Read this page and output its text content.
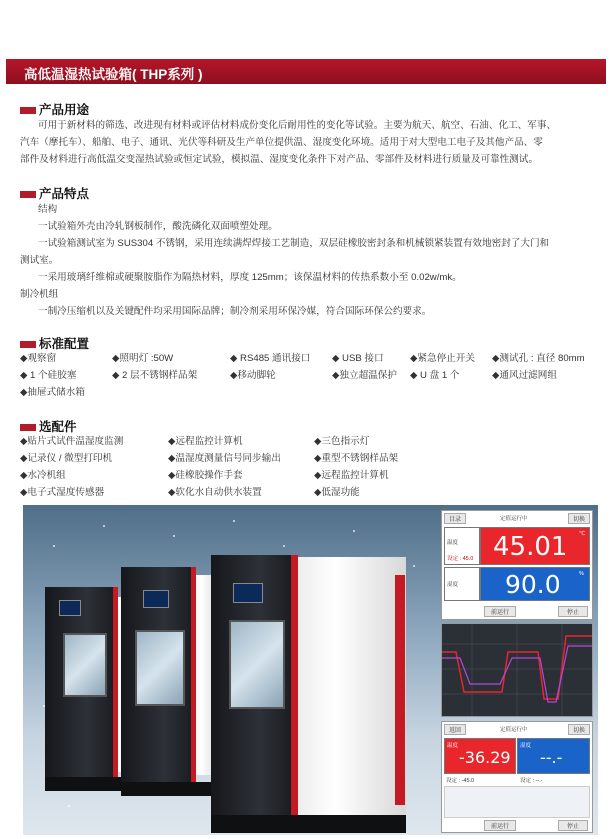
高低温湿热试验箱( THP系列 )
产品用途
可用于新材料的筛选、改进现有材料或评估材料成份变化后耐用性的变化等试验。主要为航天、航空、石油、化工、军事、
汽车（摩托车）、船舶、电子、通讯、光伏等科研及生产单位提供温、湿度变化环境。适用于对大型电工电子及其他产品、零
部件及材料进行高低温交变湿热试验或恒定试验，模拟温、湿度变化条件下对产品、零部件及材料进行质量及可靠性测试。
产品特点
结构
一试验箱外壳由冷轧钢板制作，酸洗磷化双面喷塑处理。
一试验箱测试室为 SUS304 不锈钢，采用连续满焊焊接工艺制造，双层硅橡胶密封条和机械锁紧装置有效地密封了大门和
测试室。
一采用玻璃纤维棉或硬聚胺脂作为隔热材料，厚度 125mm；该保温材料的传热系数小至 0.02w/mk。
制冷机组
一制冷压缩机以及关键配件均采用国际品牌；制冷剂采用环保冷媒，符合国际环保公约要求。
标准配置
◆观察窗	◆照明灯 :50W	◆ RS485 通讯接口 ◆ USB 接口	◆紧急停止开关 ◆测试孔 : 直径 80mm
◆ 1 个硅胶塞	◆ 2 层不锈钢样品架	◆移动脚轮	◆独立超温保护 ◆ U 盘 1 个	◆通风过滤网组
◆抽屉式储水箱
选配件
◆贴片式试件温湿度监测	◆远程监控计算机	◆三色指示灯
◆记录仪 / 微型打印机	◆温湿度测量信号同步输出	◆重型不锈钢样品架
◆水冷机组	◆硅橡胶操作手套	◆远程监控计算机
◆电子式湿度传感器	◆软化水自动供水装置	◆低湿功能
目录	定值运行中	切换
温度
设定 : 45.0 45.01 ℃
湿度 90.0	%
前运行	停止
返回	定值运行中	切换
温度
-36.29
湿度
--.-
设定 : -45.0	设定 : --.-
前运行	停止
